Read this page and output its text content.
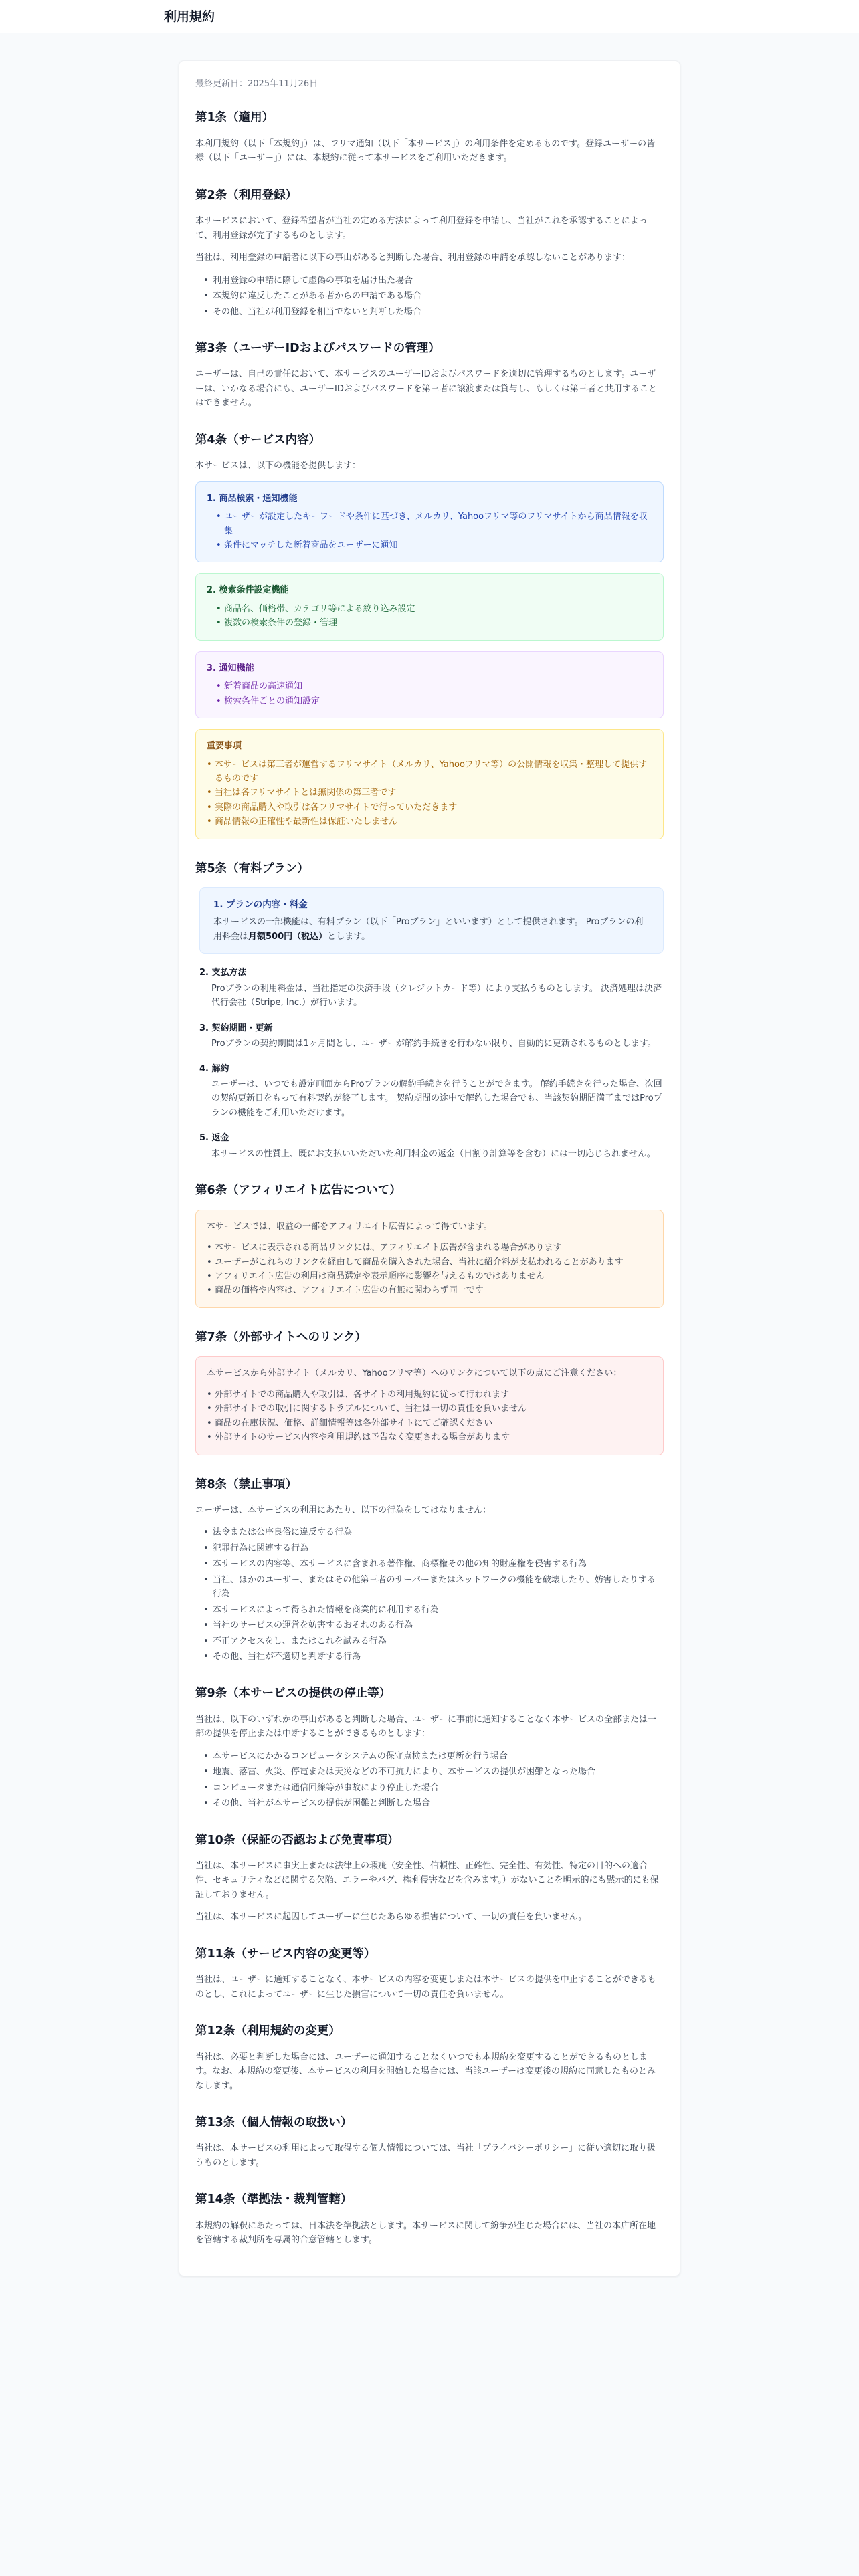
利用規約
最終更新日：2025年11月26日
第1条（適用）

本利用規約（以下「本規約」）は、フリマ通知（以下「本サービス」）の利用条件を定めるものです。登録ユーザーの皆様（以下「ユーザー」）には、本規約に従って本サービスをご利用いただきます。

第2条（利用登録）

本サービスにおいて、登録希望者が当社の定める方法によって利用登録を申請し、当社がこれを承認することによって、利用登録が完了するものとします。

当社は、利用登録の申請者に以下の事由があると判断した場合、利用登録の申請を承認しないことがあります：

• 利用登録の申請に際して虚偽の事項を届け出た場合
• 本規約に違反したことがある者からの申請である場合
• その他、当社が利用登録を相当でないと判断した場合
第3条（ユーザーIDおよびパスワードの管理）

ユーザーは、自己の責任において、本サービスのユーザーIDおよびパスワードを適切に管理するものとします。ユーザーは、いかなる場合にも、ユーザーIDおよびパスワードを第三者に譲渡または貸与し、もしくは第三者と共用することはできません。

第4条（サービス内容）

本サービスは、以下の機能を提供します：

1. 商品検索・通知機能
• ユーザーが設定したキーワードや条件に基づき、メルカリ、Yahooフリマ等のフリマサイトから商品情報を収集
• 条件にマッチした新着商品をユーザーに通知
2. 検索条件設定機能
• 商品名、価格帯、カテゴリ等による絞り込み設定
• 複数の検索条件の登録・管理
3. 通知機能
• 新着商品の高速通知
• 検索条件ごとの通知設定
重要事項
• 本サービスは第三者が運営するフリマサイト（メルカリ、Yahooフリマ等）の公開情報を収集・整理して提供するものです
• 当社は各フリマサイトとは無関係の第三者です
• 実際の商品購入や取引は各フリマサイトで行っていただきます
• 商品情報の正確性や最新性は保証いたしません
第5条（有料プラン）
1. プランの内容・料金

本サービスの一部機能は、有料プラン（以下「Proプラン」といいます）として提供されます。 Proプランの利用料金は月額500円（税込）とします。

2. 支払方法

Proプランの利用料金は、当社指定の決済手段（クレジットカード等）により支払うものとします。 決済処理は決済代行会社（Stripe, Inc.）が行います。

3. 契約期間・更新

Proプランの契約期間は1ヶ月間とし、ユーザーが解約手続きを行わない限り、自動的に更新されるものとします。

4. 解約

ユーザーは、いつでも設定画面からProプランの解約手続きを行うことができます。 解約手続きを行った場合、次回の契約更新日をもって有料契約が終了します。 契約期間の途中で解約した場合でも、当該契約期間満了まではProプランの機能をご利用いただけます。

5. 返金

本サービスの性質上、既にお支払いいただいた利用料金の返金（日割り計算等を含む）には一切応じられません。

第6条（アフィリエイト広告について）

本サービスでは、収益の一部をアフィリエイト広告によって得ています。

• 本サービスに表示される商品リンクには、アフィリエイト広告が含まれる場合があります
• ユーザーがこれらのリンクを経由して商品を購入された場合、当社に紹介料が支払われることがあります
• アフィリエイト広告の利用は商品選定や表示順序に影響を与えるものではありません
• 商品の価格や内容は、アフィリエイト広告の有無に関わらず同一です
第7条（外部サイトへのリンク）

本サービスから外部サイト（メルカリ、Yahooフリマ等）へのリンクについて以下の点にご注意ください：

• 外部サイトでの商品購入や取引は、各サイトの利用規約に従って行われます
• 外部サイトでの取引に関するトラブルについて、当社は一切の責任を負いません
• 商品の在庫状況、価格、詳細情報等は各外部サイトにてご確認ください
• 外部サイトのサービス内容や利用規約は予告なく変更される場合があります
第8条（禁止事項）

ユーザーは、本サービスの利用にあたり、以下の行為をしてはなりません：

• 法令または公序良俗に違反する行為
• 犯罪行為に関連する行為
• 本サービスの内容等、本サービスに含まれる著作権、商標権その他の知的財産権を侵害する行為
• 当社、ほかのユーザー、またはその他第三者のサーバーまたはネットワークの機能を破壊したり、妨害したりする行為
• 本サービスによって得られた情報を商業的に利用する行為
• 当社のサービスの運営を妨害するおそれのある行為
• 不正アクセスをし、またはこれを試みる行為
• その他、当社が不適切と判断する行為
第9条（本サービスの提供の停止等）

当社は、以下のいずれかの事由があると判断した場合、ユーザーに事前に通知することなく本サービスの全部または一部の提供を停止または中断することができるものとします：

• 本サービスにかかるコンピュータシステムの保守点検または更新を行う場合
• 地震、落雷、火災、停電または天災などの不可抗力により、本サービスの提供が困難となった場合
• コンピュータまたは通信回線等が事故により停止した場合
• その他、当社が本サービスの提供が困難と判断した場合
第10条（保証の否認および免責事項）

当社は、本サービスに事実上または法律上の瑕疵（安全性、信頼性、正確性、完全性、有効性、特定の目的への適合性、セキュリティなどに関する欠陥、エラーやバグ、権利侵害などを含みます。）がないことを明示的にも黙示的にも保証しておりません。

当社は、本サービスに起因してユーザーに生じたあらゆる損害について、一切の責任を負いません。

第11条（サービス内容の変更等）

当社は、ユーザーに通知することなく、本サービスの内容を変更しまたは本サービスの提供を中止することができるものとし、これによってユーザーに生じた損害について一切の責任を負いません。

第12条（利用規約の変更）

当社は、必要と判断した場合には、ユーザーに通知することなくいつでも本規約を変更することができるものとします。なお、本規約の変更後、本サービスの利用を開始した場合には、当該ユーザーは変更後の規約に同意したものとみなします。

第13条（個人情報の取扱い）

当社は、本サービスの利用によって取得する個人情報については、当社「プライバシーポリシー」に従い適切に取り扱うものとします。

第14条（準拠法・裁判管轄）

本規約の解釈にあたっては、日本法を準拠法とします。本サービスに関して紛争が生じた場合には、当社の本店所在地を管轄する裁判所を専属的合意管轄とします。
